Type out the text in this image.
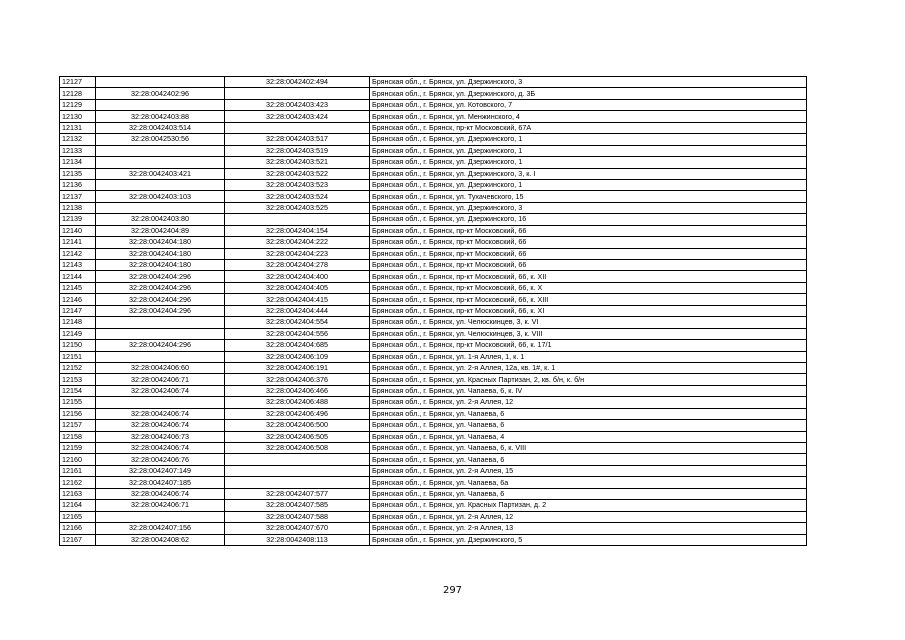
12127		32:28:0042402:494	Брянская обл., г. Брянск, ул. Дзержинского, 3
12128	32:28:0042402:96		Брянская обл., г. Брянск, ул. Дзержинского, д. 3Б
12129		32:28:0042403:423	Брянская обл., г. Брянск, ул. Котовского, 7
12130	32:28:0042403:88	32:28:0042403:424	Брянская обл., г. Брянск, ул. Менжинского, 4
12131	32:28:0042403:514		Брянская обл., г. Брянск, пр-кт Московский, 67А
12132	32:28:0042530:56	32:28:0042403:517	Брянская обл., г. Брянск, ул. Дзержинского, 1
12133		32:28:0042403:519	Брянская обл., г. Брянск, ул. Дзержинского, 1
12134		32:28:0042403:521	Брянская обл., г. Брянск, ул. Дзержинского, 1
12135	32:28:0042403:421	32:28:0042403:522	Брянская обл., г. Брянск, ул. Дзержинского, 3, к. I
12136		32:28:0042403:523	Брянская обл., г. Брянск, ул. Дзержинского, 1
12137	32:28:0042403:103	32:28:0042403:524	Брянская обл., г. Брянск, ул. Тухачевского, 15
12138		32:28:0042403:525	Брянская обл., г. Брянск, ул. Дзержинского, 3
12139	32:28:0042403:80		Брянская обл., г. Брянск, ул. Дзержинского, 16
12140	32:28:0042404:89	32:28:0042404:154	Брянская обл., г. Брянск, пр-кт Московский, 66
12141	32:28:0042404:180	32:28:0042404:222	Брянская обл., г. Брянск, пр-кт Московский, 66
12142	32:28:0042404:180	32:28:0042404:223	Брянская обл., г. Брянск, пр-кт Московский, 66
12143	32:28:0042404:180	32:28:0042404:278	Брянская обл., г. Брянск, пр-кт Московский, 66
12144	32:28:0042404:296	32:28:0042404:400	Брянская обл., г. Брянск, пр-кт Московский, 66, к. XII
12145	32:28:0042404:296	32:28:0042404:405	Брянская обл., г. Брянск, пр-кт Московский, 66, к. X
12146	32:28:0042404:296	32:28:0042404:415	Брянская обл., г. Брянск, пр-кт Московский, 66, к. XIII
12147	32:28:0042404:296	32:28:0042404:444	Брянская обл., г. Брянск, пр-кт Московский, 66, к. XI
12148		32:28:0042404:554	Брянская обл., г. Брянск, ул. Челюскинцев, 3, к. VI
12149		32:28:0042404:556	Брянская обл., г. Брянск, ул. Челюскинцев, 3, к. VIII
12150	32:28:0042404:296	32:28:0042404:685	Брянская обл., г. Брянск, пр-кт Московский, 66, к. 17/1
12151		32:28:0042406:109	Брянская обл., г. Брянск, ул. 1-я Аллея, 1, к. 1
12152	32:28:0042406:60	32:28:0042406:191	Брянская обл., г. Брянск, ул. 2-я Аллея, 12а, кв. 1#, к. 1
12153	32:28:0042406:71	32:28:0042406:376	Брянская обл., г. Брянск, ул. Красных Партизан, 2, кв. б/н, к. б/н
12154	32:28:0042406:74	32:28:0042406:466	Брянская обл., г. Брянск, ул. Чапаева, 6, к. IV
12155		32:28:0042406:488	Брянская обл., г. Брянск, ул. 2-я Аллея, 12
12156	32:28:0042406:74	32:28:0042406:496	Брянская обл., г. Брянск, ул. Чапаева, 6
12157	32:28:0042406:74	32:28:0042406:500	Брянская обл., г. Брянск, ул. Чапаева, 6
12158	32:28:0042406:73	32:28:0042406:505	Брянская обл., г. Брянск, ул. Чапаева, 4
12159	32:28:0042406:74	32:28:0042406:508	Брянская обл., г. Брянск, ул. Чапаева, 6, к. VIII
12160	32:28:0042406:76		Брянская обл., г. Брянск, ул. Чапаева, 6
12161	32:28:0042407:149		Брянская обл., г. Брянск, ул. 2-я Аллея, 15
12162	32:28:0042407:185		Брянская обл., г. Брянск, ул. Чапаева, 6а
12163	32:28:0042406:74	32:28:0042407:577	Брянская обл., г. Брянск, ул. Чапаева, 6
12164	32:28:0042406:71	32:28:0042407:585	Брянская обл., г. Брянск, ул. Красных Партизан, д. 2
12165		32:28:0042407:588	Брянская обл., г. Брянск, ул. 2-я Аллея, 12
12166	32:28:0042407:156	32:28:0042407:670	Брянская обл., г. Брянск, ул. 2-я Аллея, 13
12167	32:28:0042408:62	32:28:0042408:113	Брянская обл., г. Брянск, ул. Дзержинского, 5
297
